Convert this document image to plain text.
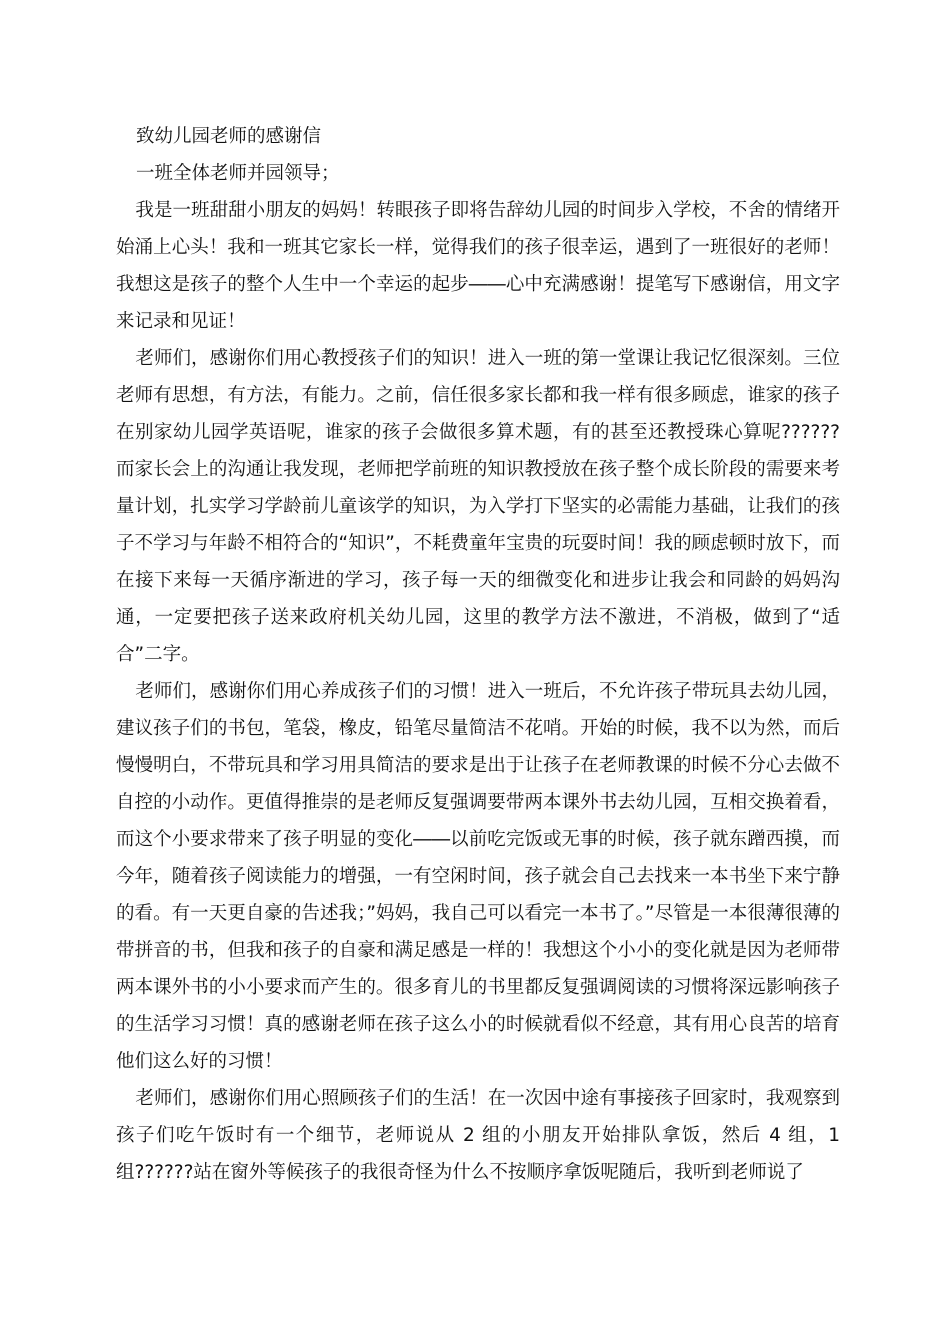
致幼儿园老师的感谢信

一班全体老师并园领导；

我是一班甜甜小朋友的妈妈！转眼孩子即将告辞幼儿园的时间步入学校，不舍的情绪开始涌上心头！我和一班其它家长一样，觉得我们的孩子很幸运，遇到了一班很好的老师！我想这是孩子的整个人生中一个幸运的起步――心中充满感谢！提笔写下感谢信，用文字来记录和见证！

老师们，感谢你们用心教授孩子们的知识！进入一班的第一堂课让我记忆很深刻。三位老师有思想，有方法，有能力。之前，信任很多家长都和我一样有很多顾虑，谁家的孩子在别家幼儿园学英语呢，谁家的孩子会做很多算术题，有的甚至还教授珠心算呢??????而家长会上的沟通让我发现，老师把学前班的知识教授放在孩子整个成长阶段的需要来考量计划，扎实学习学龄前儿童该学的知识，为入学打下坚实的必需能力基础，让我们的孩子不学习与年龄不相符合的“知识”，不耗费童年宝贵的玩耍时间！我的顾虑顿时放下，而在接下来每一天循序渐进的学习，孩子每一天的细微变化和进步让我会和同龄的妈妈沟通，一定要把孩子送来政府机关幼儿园，这里的教学方法不激进，不消极，做到了“适合”二字。

老师们，感谢你们用心养成孩子们的习惯！进入一班后，不允许孩子带玩具去幼儿园，建议孩子们的书包，笔袋，橡皮，铅笔尽量简洁不花哨。开始的时候，我不以为然，而后慢慢明白，不带玩具和学习用具简洁的要求是出于让孩子在老师教课的时候不分心去做不自控的小动作。更值得推崇的是老师反复强调要带两本课外书去幼儿园，互相交换着看，而这个小要求带来了孩子明显的变化――以前吃完饭或无事的时候，孩子就东蹭西摸，而今年，随着孩子阅读能力的增强，一有空闲时间，孩子就会自己去找来一本书坐下来宁静的看。有一天更自豪的告述我；”妈妈，我自己可以看完一本书了。”尽管是一本很薄很薄的带拼音的书，但我和孩子的自豪和满足感是一样的！我想这个小小的变化就是因为老师带两本课外书的小小要求而产生的。很多育儿的书里都反复强调阅读的习惯将深远影响孩子的生活学习习惯！真的感谢老师在孩子这么小的时候就看似不经意，其有用心良苦的培育他们这么好的习惯！

老师们，感谢你们用心照顾孩子们的生活！在一次因中途有事接孩子回家时，我观察到孩子们吃午饭时有一个细节，老师说从 2 组的小朋友开始排队拿饭，然后 4 组，1组??????站在窗外等候孩子的我很奇怪为什么不按顺序拿饭呢随后，我听到老师说了
